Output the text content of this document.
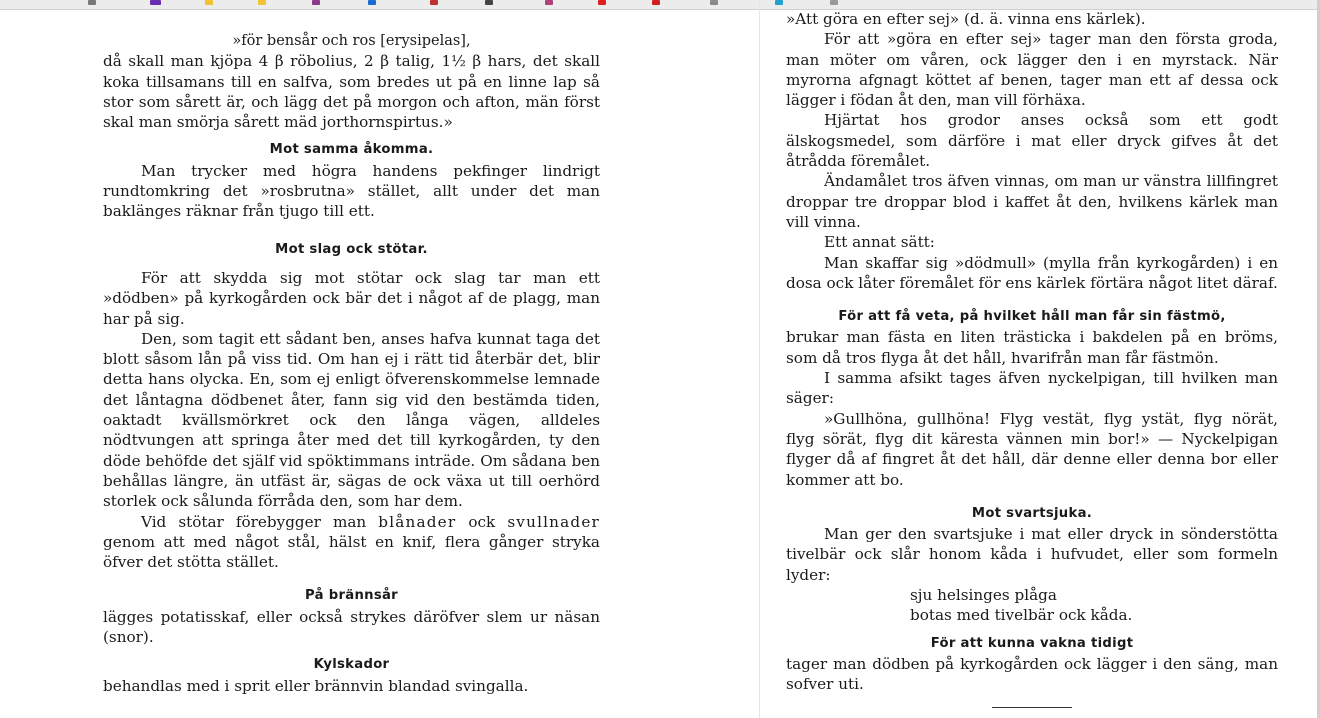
»för bensår och ros [erysipelas],

då skall man kjöpa 4 β röbolius, 2 β talig, 1½ β hars, det skall koka tillsamans till en salfva, som bredes ut på en linne lap så stor som sårett är, och lägg det på morgon och afton, män först skal man smörja sårett mäd jorthornspirtus.»

Mot samma åkomma.

Man trycker med högra handens pekfinger lindrigt rundtomkring det »rosbrutna» stället, allt under det man baklänges räknar från tjugo till ett.

Mot slag ock stötar.

För att skydda sig mot stötar ock slag tar man ett »dödben» på kyrkogården ock bär det i något af de plagg, man har på sig.

Den, som tagit ett sådant ben, anses hafva kunnat taga det blott såsom lån på viss tid. Om han ej i rätt tid återbär det, blir detta hans olycka. En, som ej enligt öfverenskommelse lemnade det låntagna dödbenet åter, fann sig vid den bestämda tiden, oaktadt kvällsmörkret ock den långa vägen, alldeles nödtvungen att springa åter med det till kyrkogården, ty den döde behöfde det själf vid spöktimmans inträde. Om sådana ben behållas längre, än utfäst är, sägas de ock växa ut till oerhörd storlek ock sålunda förråda den, som har dem.

Vid stötar förebygger man blånader ock svullnader genom att med något stål, hälst en knif, flera gånger stryka öfver det stötta stället.

På brännsår

lägges potatisskaf, eller också strykes däröfver slem ur näsan (snor).

Kylskador

behandlas med i sprit eller brännvin blandad svingalla.

»Att göra en efter sej» (d. ä. vinna ens kärlek).

För att »göra en efter sej» tager man den första groda, man möter om våren, ock lägger den i en myrstack. När myrorna afgnagt köttet af benen, tager man ett af dessa ock lägger i födan åt den, man vill förhäxa.

Hjärtat hos grodor anses också som ett godt älskogsmedel, som därföre i mat eller dryck gifves åt det åtrådda föremålet.

Ändamålet tros äfven vinnas, om man ur vänstra lillfingret droppar tre droppar blod i kaffet åt den, hvilkens kärlek man vill vinna.

Ett annat sätt:

Man skaffar sig »dödmull» (mylla från kyrkogården) i en dosa ock låter föremålet för ens kärlek förtära något litet däraf.

För att få veta, på hvilket håll man får sin fästmö,

brukar man fästa en liten trästicka i bakdelen på en bröms, som då tros flyga åt det håll, hvarifrån man får fästmön.

I samma afsikt tages äfven nyckelpigan, till hvilken man säger:

»Gullhöna, gullhöna! Flyg vestät, flyg ystät, flyg nörät, flyg sörät, flyg dit käresta vännen min bor!» — Nyckelpigan flyger då af fingret åt det håll, där denne eller denna bor eller kommer att bo.

Mot svartsjuka.

Man ger den svartsjuke i mat eller dryck in sönderstötta tivelbär ock slår honom kåda i hufvudet, eller som formeln lyder:

sju helsinges plåga

botas med tivelbär ock kåda.

För att kunna vakna tidigt

tager man dödben på kyrkogården ock lägger i den säng, man sofver uti.
